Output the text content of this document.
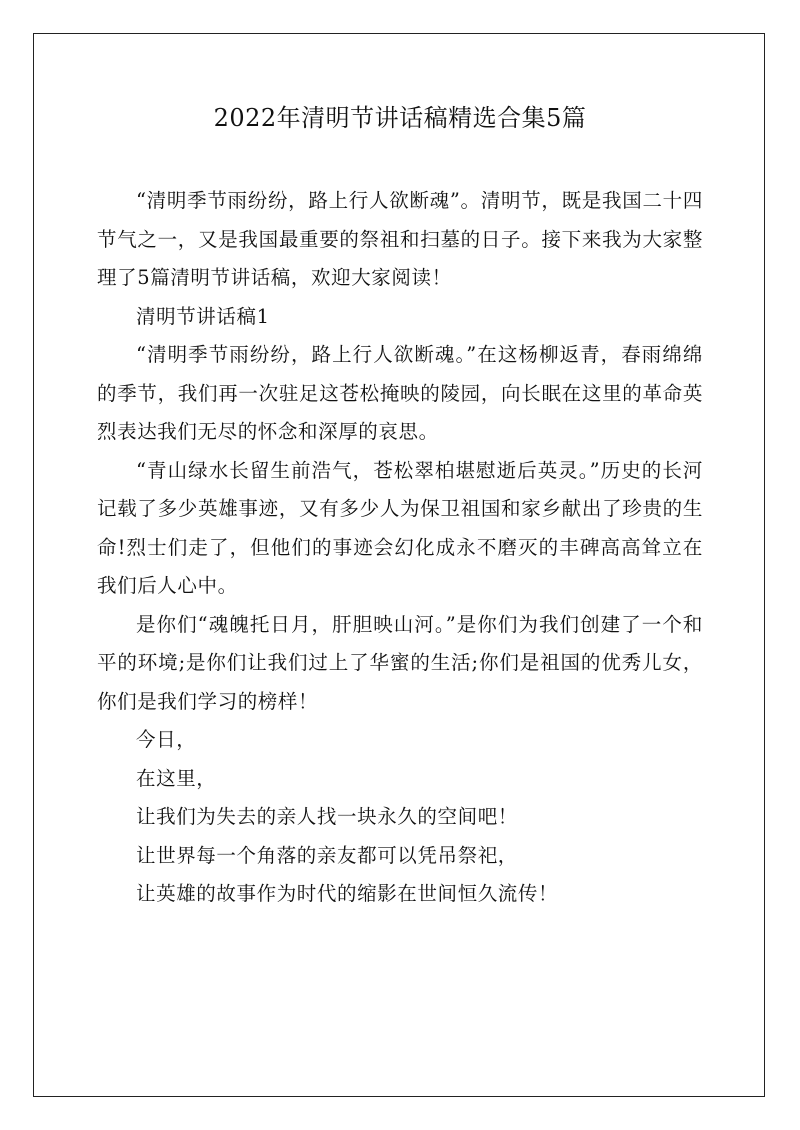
2022年清明节讲话稿精选合集5篇

“清明季节雨纷纷，路上行人欲断魂”。清明节，既是我国二十四节气之一，又是我国最重要的祭祖和扫墓的日子。接下来我为大家整理了5篇清明节讲话稿，欢迎大家阅读！

清明节讲话稿1

“清明季节雨纷纷，路上行人欲断魂。”在这杨柳返青，春雨绵绵的季节，我们再一次驻足这苍松掩映的陵园，向长眠在这里的革命英烈表达我们无尽的怀念和深厚的哀思。

“青山绿水长留生前浩气，苍松翠柏堪慰逝后英灵。”历史的长河记载了多少英雄事迹，又有多少人为保卫祖国和家乡献出了珍贵的生命!烈士们走了，但他们的事迹会幻化成永不磨灭的丰碑高高耸立在我们后人心中。

是你们“魂魄托日月，肝胆映山河。”是你们为我们创建了一个和平的环境;是你们让我们过上了华蜜的生活;你们是祖国的优秀儿女，你们是我们学习的榜样！

今日，

在这里，

让我们为失去的亲人找一块永久的空间吧！

让世界每一个角落的亲友都可以凭吊祭祀，

让英雄的故事作为时代的缩影在世间恒久流传！
